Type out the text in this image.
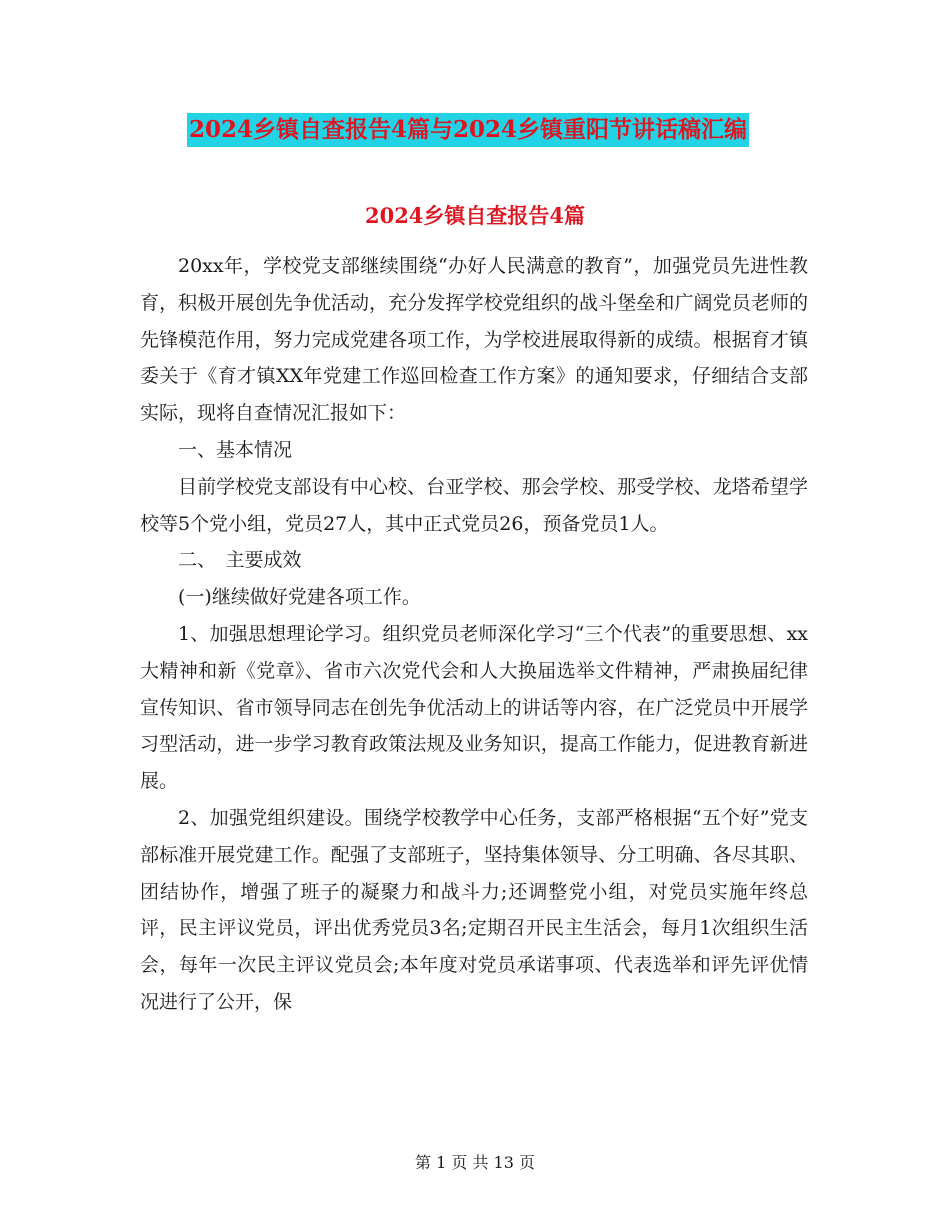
2024乡镇自查报告4篇与2024乡镇重阳节讲话稿汇编
2024乡镇自查报告4篇

20xx年，学校党支部继续围绕“办好人民满意的教育”，加强党员先进性教育，积极开展创先争优活动，充分发挥学校党组织的战斗堡垒和广阔党员老师的先锋模范作用，努力完成党建各项工作，为学校进展取得新的成绩。根据育才镇委关于《育才镇XX年党建工作巡回检查工作方案》的通知要求，仔细结合支部实际，现将自查情况汇报如下：

一、基本情况

目前学校党支部设有中心校、台亚学校、那会学校、那受学校、龙塔希望学校等5个党小组，党员27人，其中正式党员26，预备党员1人。

二、　主要成效

(一)继续做好党建各项工作。

1、加强思想理论学习。组织党员老师深化学习“三个代表”的重要思想、xx大精神和新《党章》、省市六次党代会和人大换届选举文件精神，严肃换届纪律宣传知识、省市领导同志在创先争优活动上的讲话等内容，在广泛党员中开展学习型活动，进一步学习教育政策法规及业务知识，提高工作能力，促进教育新进展。

2、加强党组织建设。围绕学校教学中心任务，支部严格根据“五个好”党支部标准开展党建工作。配强了支部班子，坚持集体领导、分工明确、各尽其职、团结协作，增强了班子的凝聚力和战斗力;还调整党小组，对党员实施年终总评，民主评议党员，评出优秀党员3名;定期召开民主生活会，每月1次组织生活会，每年一次民主评议党员会;本年度对党员承诺事项、代表选举和评先评优情况进行了公开，保

第 1 页 共 13 页
